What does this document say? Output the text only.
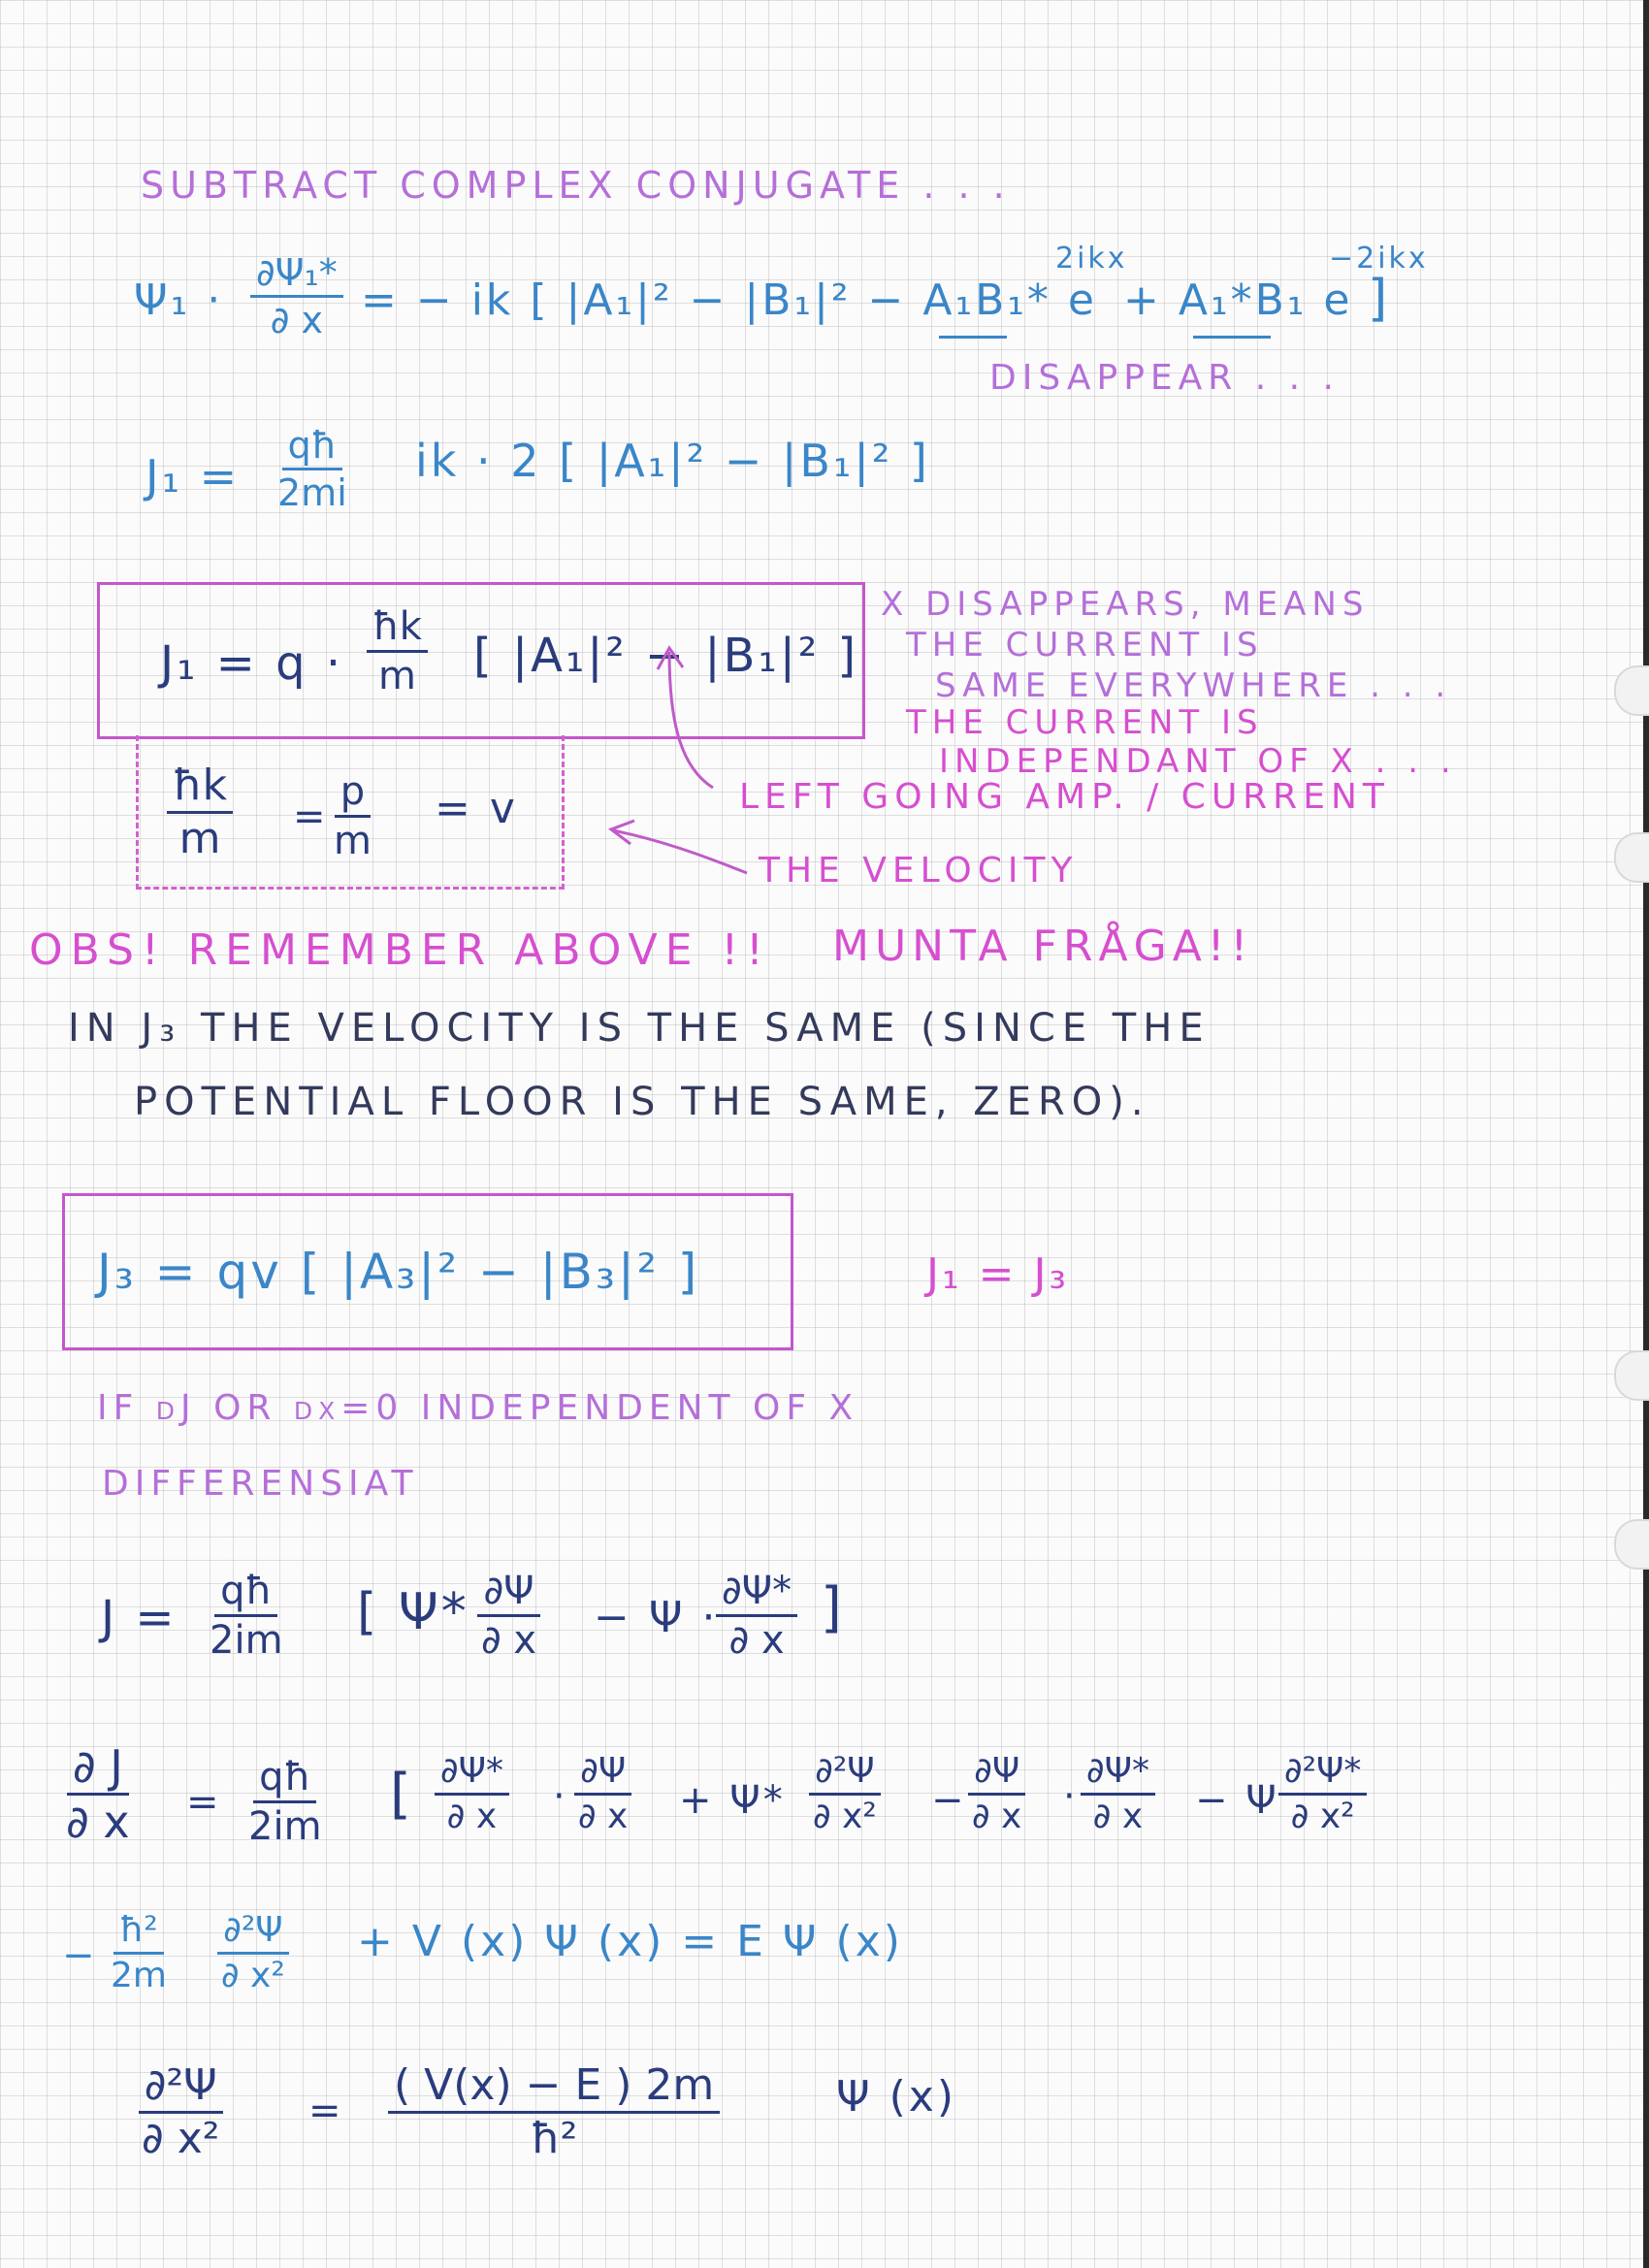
SUBTRACT COMPLEX CONJUGATE . . .
$\Psi_1 \cdot \frac{\text{∂Ψ₁*}}{\partial x}$ = − ik [ |A₁|² − |B₁|² − A₁B₁* e
2ikx
+ A₁*B₁ e
−2ikx
]
DISAPPEAR . . .
$J_1 = \frac{qħ}{2mi}$ ik · 2 [ |A₁|² − |B₁|² ]
$J_1 = q \cdot \frac{ħk}{m}$ [ |A₁|² − |B₁|² ]
X DISAPPEARS, MEANS
THE CURRENT IS
SAME EVERYWHERE . . .
THE CURRENT IS
INDEPENDANT OF X . . .
LEFT GOING AMP. / CURRENT
$\frac{ħk}{m} = \frac{p}{m} = v$
THE VELOCITY
OBS! REMEMBER ABOVE !! MUNTA FRÅGA!!
IN J₃ THE VELOCITY IS THE SAME (SINCE THE
POTENTIAL FLOOR IS THE SAME, ZERO).
J₃ = qv [ |A₃|² − |B₃|² ]	J₁ = J₃
IF dJ OR dx=0 INDEPENDENT OF X
DIFFERENSIAT
$J = \frac{qħ}{2im}$ [ $\Psi* \frac{\partial\Psi}{\partial x} - \Psi$ ·
$\frac{\partial\Psi*}{\partial x}$ ]
$\frac{\partial J}{\partial x} = \frac{qħ}{2im}$ [ $\frac{\partial\Psi*}{\partial x} \cdot \frac{\partial\Psi}{\partial x} + \Psi* \frac{\text{∂²Ψ}}{\text{∂ x²}} - \frac{\partial\Psi}{\partial x} \cdot \frac{\partial\Psi*}{\partial x} - \Psi \frac{\text{∂²Ψ*}}{\text{∂ x²}}$
− $\frac{\text{ħ²}}{2m} \frac{\text{∂²Ψ}}{\text{∂ x²}} + V$ (x) Ψ (x) = E Ψ (x)
$\frac{\text{∂²Ψ}}{\text{∂ x²}} = \frac{( V(x) - E ) 2m}{\text{ħ²}}$	Ψ (x)
